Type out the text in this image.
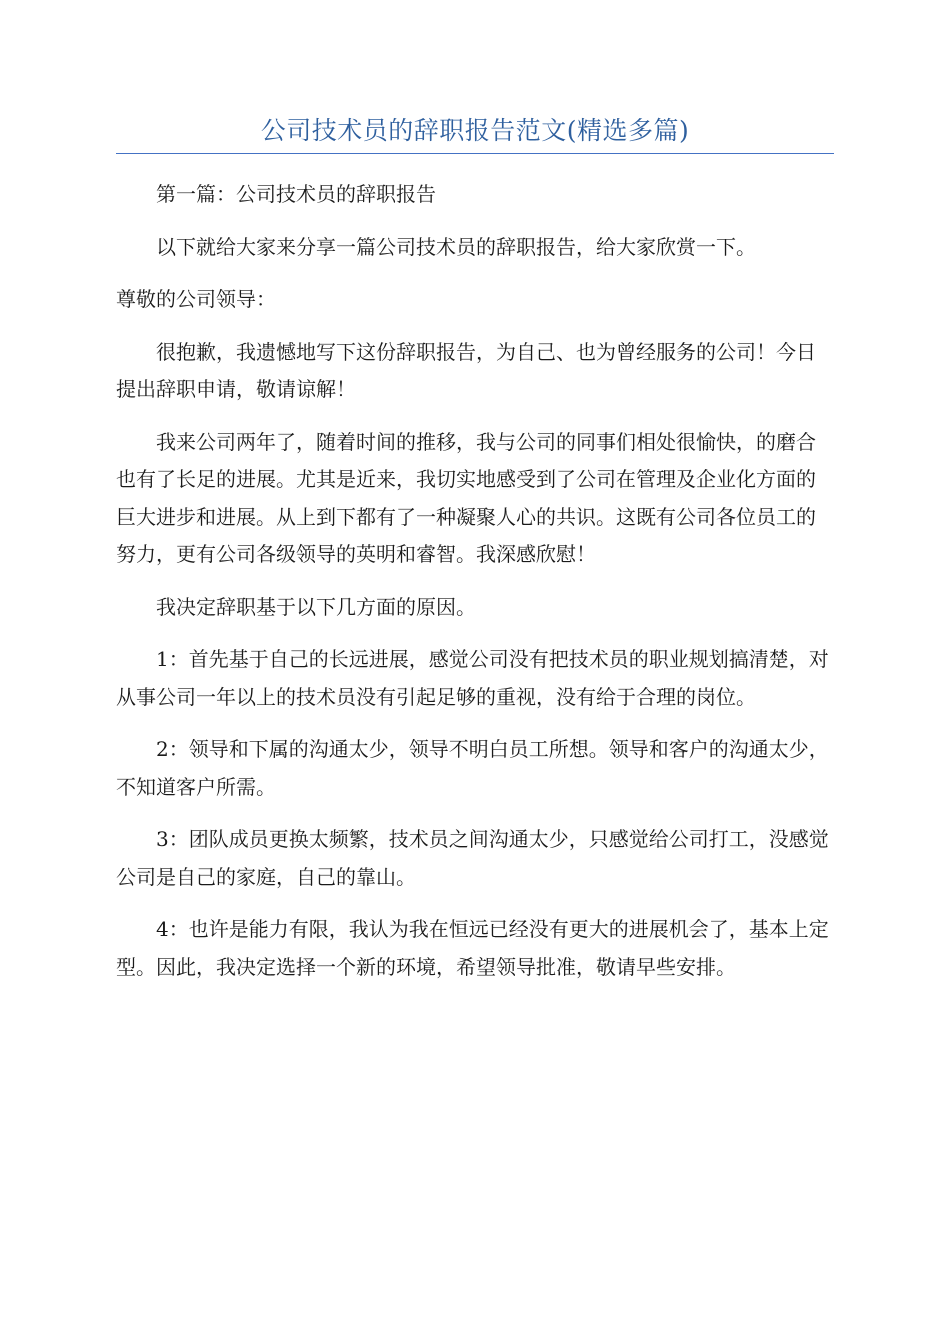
公司技术员的辞职报告范文(精选多篇)

第一篇：公司技术员的辞职报告

以下就给大家来分享一篇公司技术员的辞职报告，给大家欣赏一下。

尊敬的公司领导：

很抱歉，我遗憾地写下这份辞职报告，为自己、也为曾经服务的公司！今日提出辞职申请，敬请谅解！

我来公司两年了，随着时间的推移，我与公司的同事们相处很愉快，的磨合也有了长足的进展。尤其是近来，我切实地感受到了公司在管理及企业化方面的巨大进步和进展。从上到下都有了一种凝聚人心的共识。这既有公司各位员工的努力，更有公司各级领导的英明和睿智。我深感欣慰！

我决定辞职基于以下几方面的原因。

1：首先基于自己的长远进展，感觉公司没有把技术员的职业规划搞清楚，对从事公司一年以上的技术员没有引起足够的重视，没有给于合理的岗位。

2：领导和下属的沟通太少，领导不明白员工所想。领导和客户的沟通太少，不知道客户所需。

3：团队成员更换太频繁，技术员之间沟通太少，只感觉给公司打工，没感觉公司是自己的家庭，自己的靠山。

4：也许是能力有限，我认为我在恒远已经没有更大的进展机会了，基本上定型。因此，我决定选择一个新的环境，希望领导批准，敬请早些安排。
